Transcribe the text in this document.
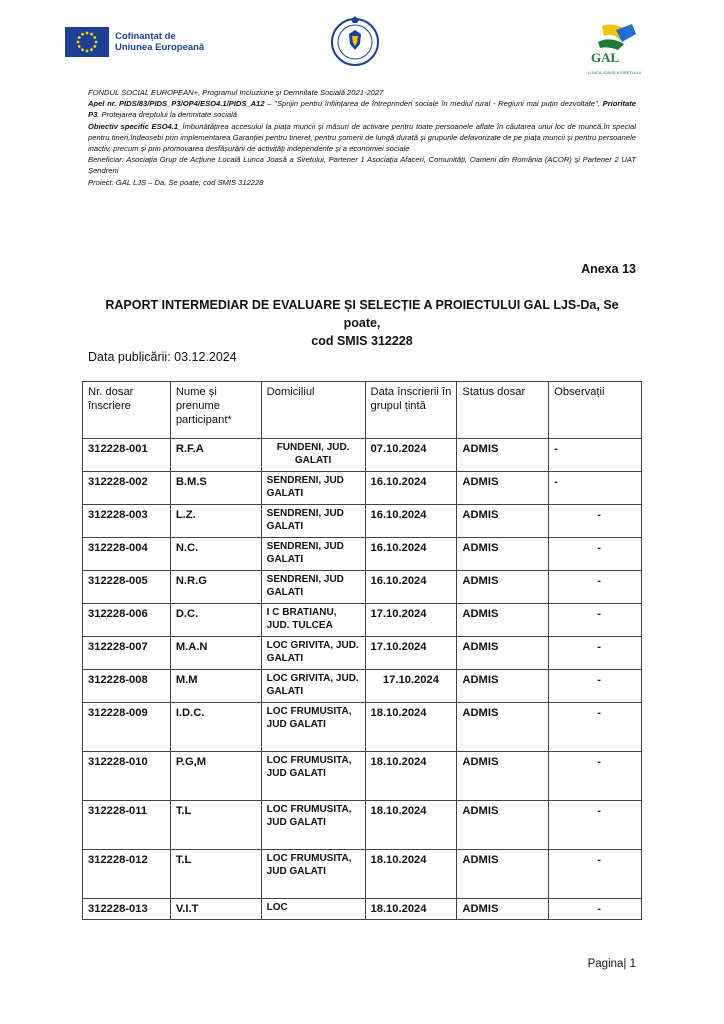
Cofinanțat de
Uniunea Europeană
GAL
LUNCA JOASĂ A SIRETULUI

FONDUL SOCIAL EUROPEAN+, Programul Incluziune și Demnitate Socială 2021-2027

Apel nr. PIDS/83/PIDS_P3/OP4/ESO4.1/PIDS_A12 – ''Sprijin pentru înființarea de întreprinderi sociale în mediul rural - Regiuni mai puțin dezvoltate'', Prioritate P3. Protejarea dreptului la demnitate socială

Obiectiv specific ESO4.1_Îmbunătățirea accesului la piața muncii și măsuri de activare pentru toate persoanele aflate în căutarea unui loc de muncă,în special pentru tineri,îndeosebi prin implementarea Garanției pentru tineret, pentru șomerii de lungă durată și grupurile defavorizate de pe piața muncii și pentru persoanele inactiv, precum și prin promovarea desfășurării de activități independente și a economiei sociale

Beneficiar: Asociația Grup de Acțiune Locală Lunca Joasă a Siretului, Partener 1 Asociația Afaceri, Comunități, Oameni din România (ACOR) și Partener 2 UAT Șendreni

Proiect: GAL LJS – Da, Se poate, cod SMIS 312228

Anexa 13
RAPORT INTERMEDIAR DE EVALUARE ȘI SELECȚIE A PROIECTULUI GAL LJS-Da, Se poate,
cod SMIS 312228
Data publicării: 03.12.2024
Nr. dosar înscriere	Nume și prenume participant*	Domiciliul	Data înscrierii în grupul țintă	Status dosar	Observații
312228-001	R.F.A	FUNDENI, JUD. GALATI	07.10.2024	ADMIS	-
312228-002	B.M.S	SENDRENI, JUD GALATI	16.10.2024	ADMIS	-
312228-003	L.Z.	SENDRENI, JUD GALATI	16.10.2024	ADMIS	-
312228-004	N.C.	SENDRENI, JUD GALATI	16.10.2024	ADMIS	-
312228-005	N.R.G	SENDRENI, JUD GALATI	16.10.2024	ADMIS	-
312228-006	D.C.	I C BRATIANU, JUD. TULCEA	17.10.2024	ADMIS	-
312228-007	M.A.N	LOC GRIVITA, JUD. GALATI	17.10.2024	ADMIS	-
312228-008	M.M	LOC GRIVITA, JUD. GALATI	17.10.2024	ADMIS	-
312228-009	I.D.C.	LOC FRUMUSITA, JUD GALATI	18.10.2024	ADMIS	-
312228-010	P.G,M	LOC FRUMUSITA, JUD GALATI	18.10.2024	ADMIS	-
312228-011	T.L	LOC FRUMUSITA, JUD GALATI	18.10.2024	ADMIS	-
312228-012	T.L	LOC FRUMUSITA, JUD GALATI	18.10.2024	ADMIS	-
312228-013	V.I.T	LOC	18.10.2024	ADMIS	-
Pagina| 1
